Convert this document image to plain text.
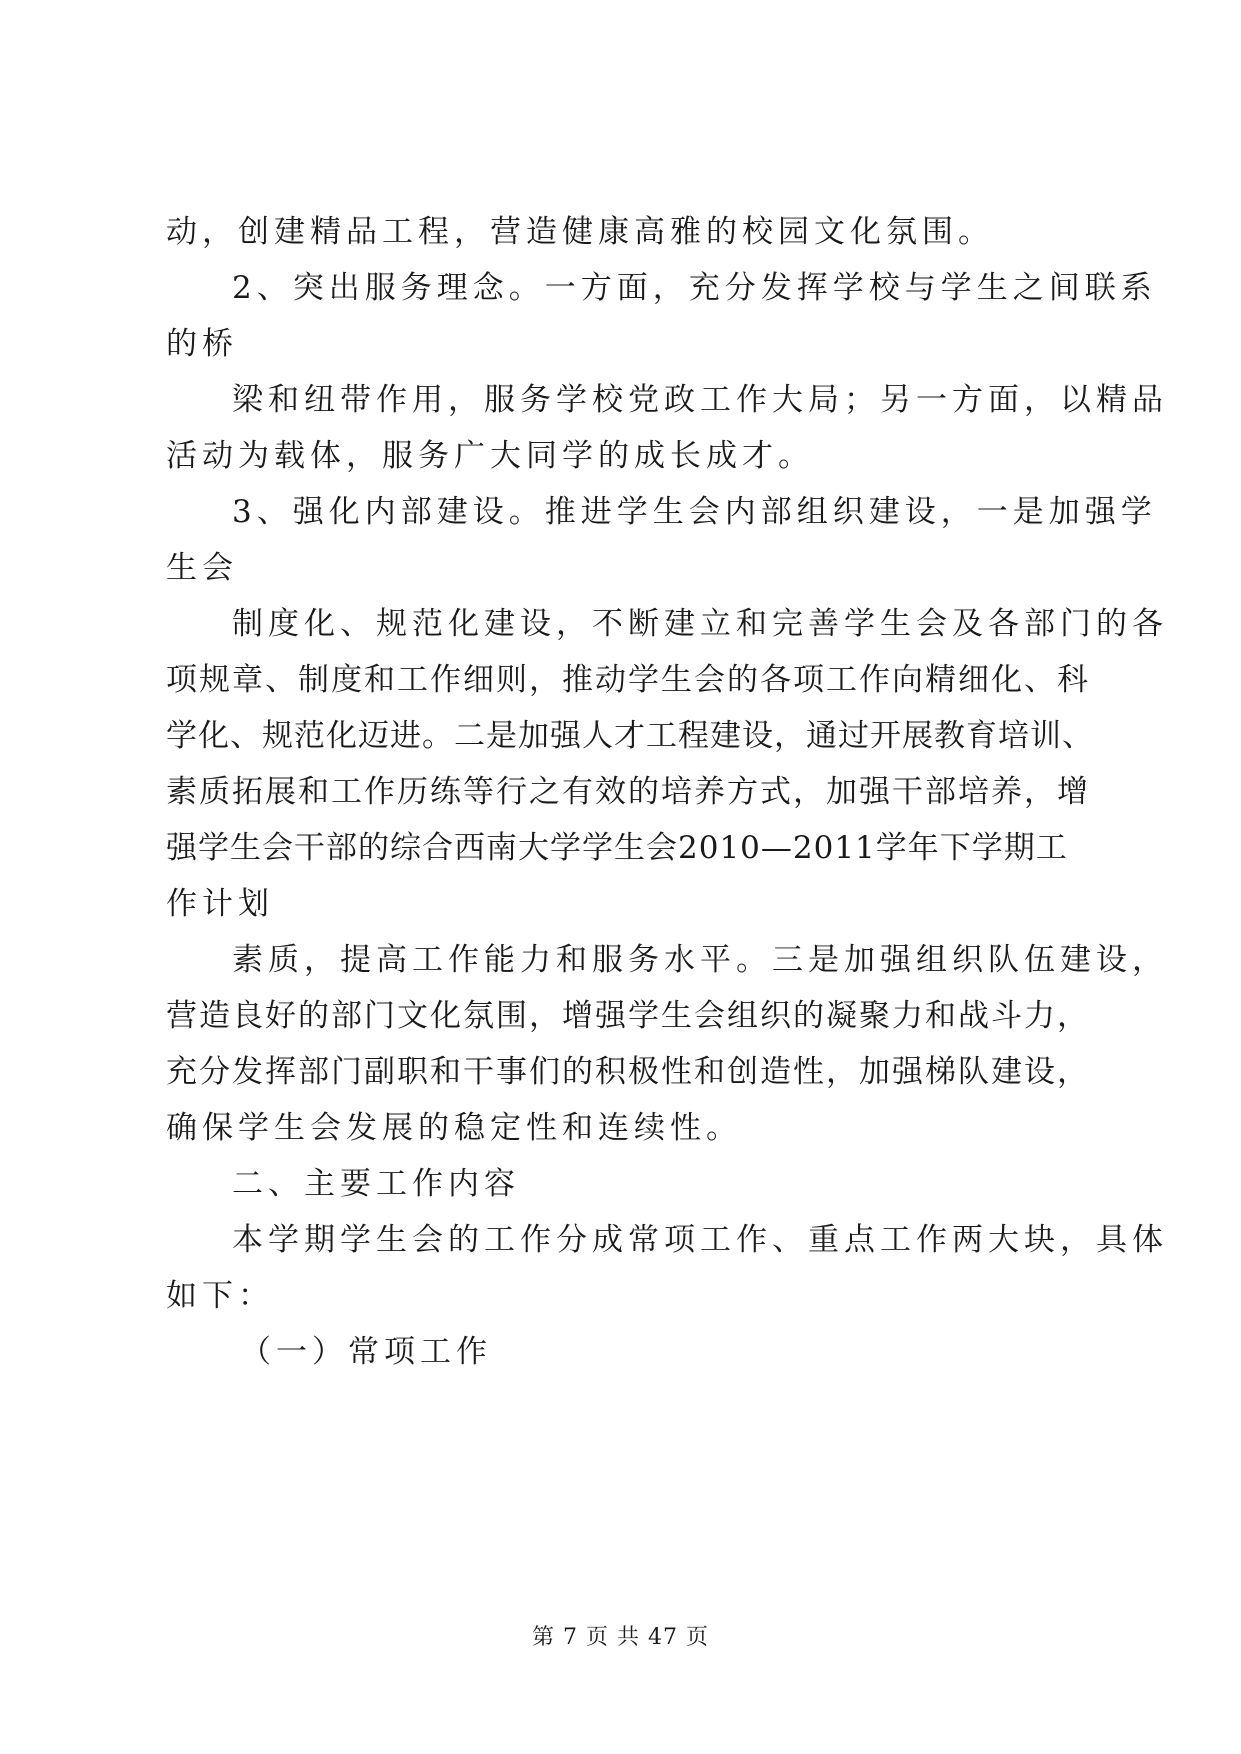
动，创建精品工程，营造健康高雅的校园文化氛围。
2、突出服务理念。一方面，充分发挥学校与学生之间联系
的桥
梁和纽带作用，服务学校党政工作大局；另一方面，以精品
活动为载体，服务广大同学的成长成才。
3、强化内部建设。推进学生会内部组织建设，一是加强学
生会
制度化、规范化建设，不断建立和完善学生会及各部门的各
项规章、制度和工作细则，推动学生会的各项工作向精细化、科
学化、规范化迈进。二是加强人才工程建设，通过开展教育培训、
素质拓展和工作历练等行之有效的培养方式，加强干部培养，增
强学生会干部的综合西南大学学生会2010—2011学年下学期工
作计划
素质，提高工作能力和服务水平。三是加强组织队伍建设，
营造良好的部门文化氛围，增强学生会组织的凝聚力和战斗力，
充分发挥部门副职和干事们的积极性和创造性，加强梯队建设，
确保学生会发展的稳定性和连续性。
二、主要工作内容
本学期学生会的工作分成常项工作、重点工作两大块，具体
如下：
（一）常项工作
第 7 页 共 47 页
